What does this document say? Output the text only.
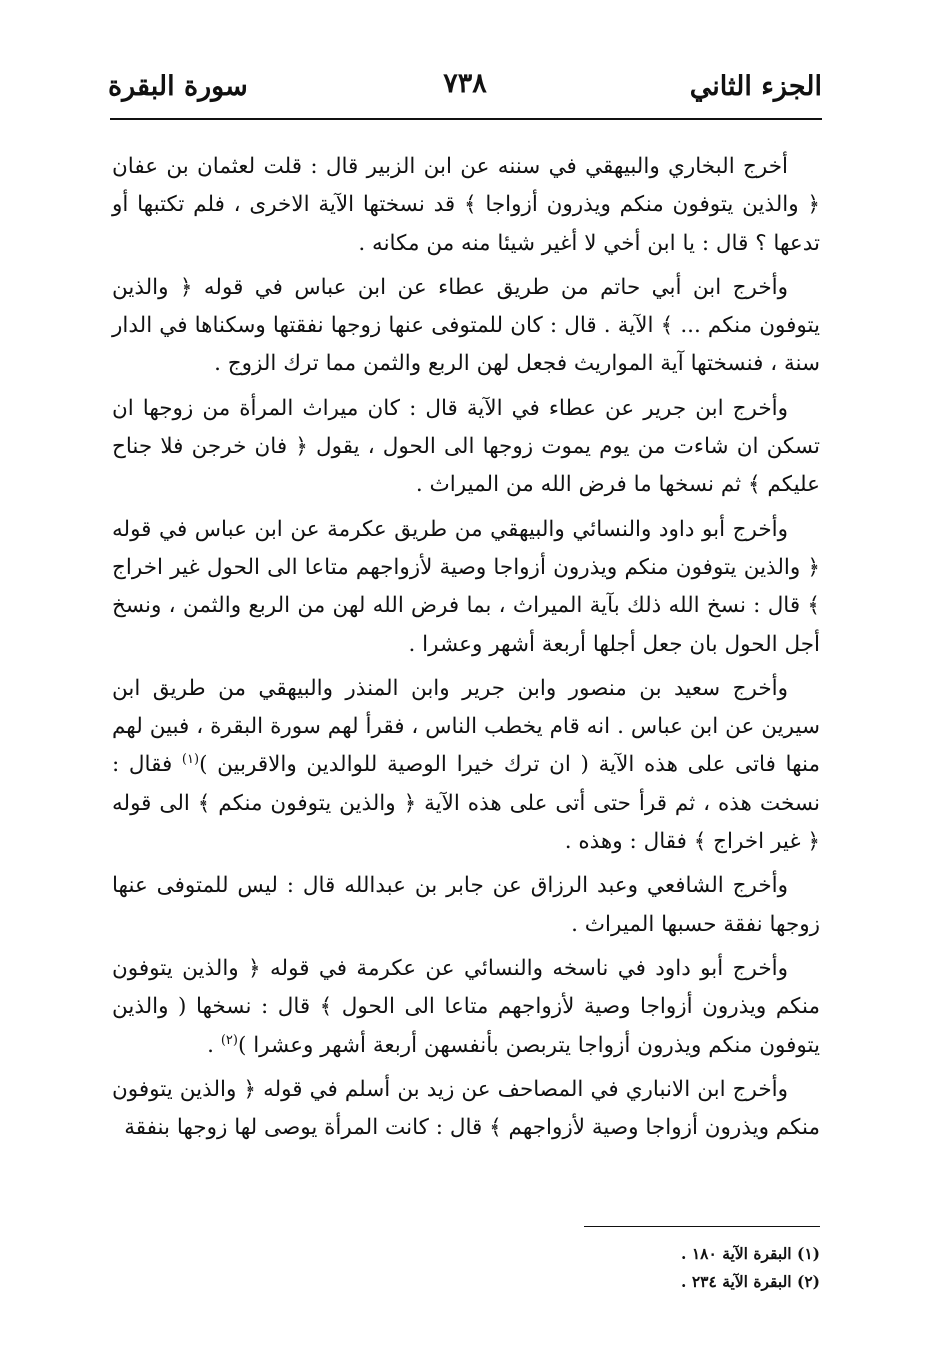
الجزء الثاني
٧٣٨
سورة البقرة

أخرج البخاري والبيهقي في سننه عن ابن الزبير قال : قلت لعثمان بن عفان ﴿ والذين يتوفون منكم ويذرون أزواجا ﴾ قد نسختها الآية الاخرى ، فلم تكتبها أو تدعها ؟ قال : يا ابن أخي لا أغير شيئا منه من مكانه .

وأخرج ابن أبي حاتم من طريق عطاء عن ابن عباس في قوله ﴿ والذين يتوفون منكم ... ﴾ الآية . قال : كان للمتوفى عنها زوجها نفقتها وسكناها في الدار سنة ، فنسختها آية المواريث فجعل لهن الربع والثمن مما ترك الزوج .

وأخرج ابن جرير عن عطاء في الآية قال : كان ميراث المرأة من زوجها ان تسكن ان شاءت من يوم يموت زوجها الى الحول ، يقول ﴿ فان خرجن فلا جناح عليكم ﴾ ثم نسخها ما فرض الله من الميراث .

وأخرج أبو داود والنسائي والبيهقي من طريق عكرمة عن ابن عباس في قوله ﴿ والذين يتوفون منكم ويذرون أزواجا وصية لأزواجهم متاعا الى الحول غير اخراج ﴾ قال : نسخ الله ذلك بآية الميراث ، بما فرض الله لهن من الربع والثمن ، ونسخ أجل الحول بان جعل أجلها أربعة أشهر وعشرا .

وأخرج سعيد بن منصور وابن جرير وابن المنذر والبيهقي من طريق ابن سيرين عن ابن عباس . انه قام يخطب الناس ، فقرأ لهم سورة البقرة ، فبين لهم منها فاتى على هذه الآية ( ان ترك خيرا الوصية للوالدين والاقربين )$^{(١)}$ فقال : نسخت هذه ، ثم قرأ حتى أتى على هذه الآية ﴿ والذين يتوفون منكم ﴾ الى قوله ﴿ غير اخراج ﴾ فقال : وهذه .

وأخرج الشافعي وعبد الرزاق عن جابر بن عبدالله قال : ليس للمتوفى عنها زوجها نفقة حسبها الميراث .

وأخرج أبو داود في ناسخه والنسائي عن عكرمة في قوله ﴿ والذين يتوفون منكم ويذرون أزواجا وصية لأزواجهم متاعا الى الحول ﴾ قال : نسخها ( والذين يتوفون منكم ويذرون أزواجا يتربصن بأنفسهن أربعة أشهر وعشرا )$^{(٢)}$ .

وأخرج ابن الانباري في المصاحف عن زيد بن أسلم في قوله ﴿ والذين يتوفون منكم ويذرون أزواجا وصية لأزواجهم ﴾ قال : كانت المرأة يوصى لها زوجها بنفقة

(١) البقرة الآية ١٨٠ .
(٢) البقرة الآية ٢٣٤ .
